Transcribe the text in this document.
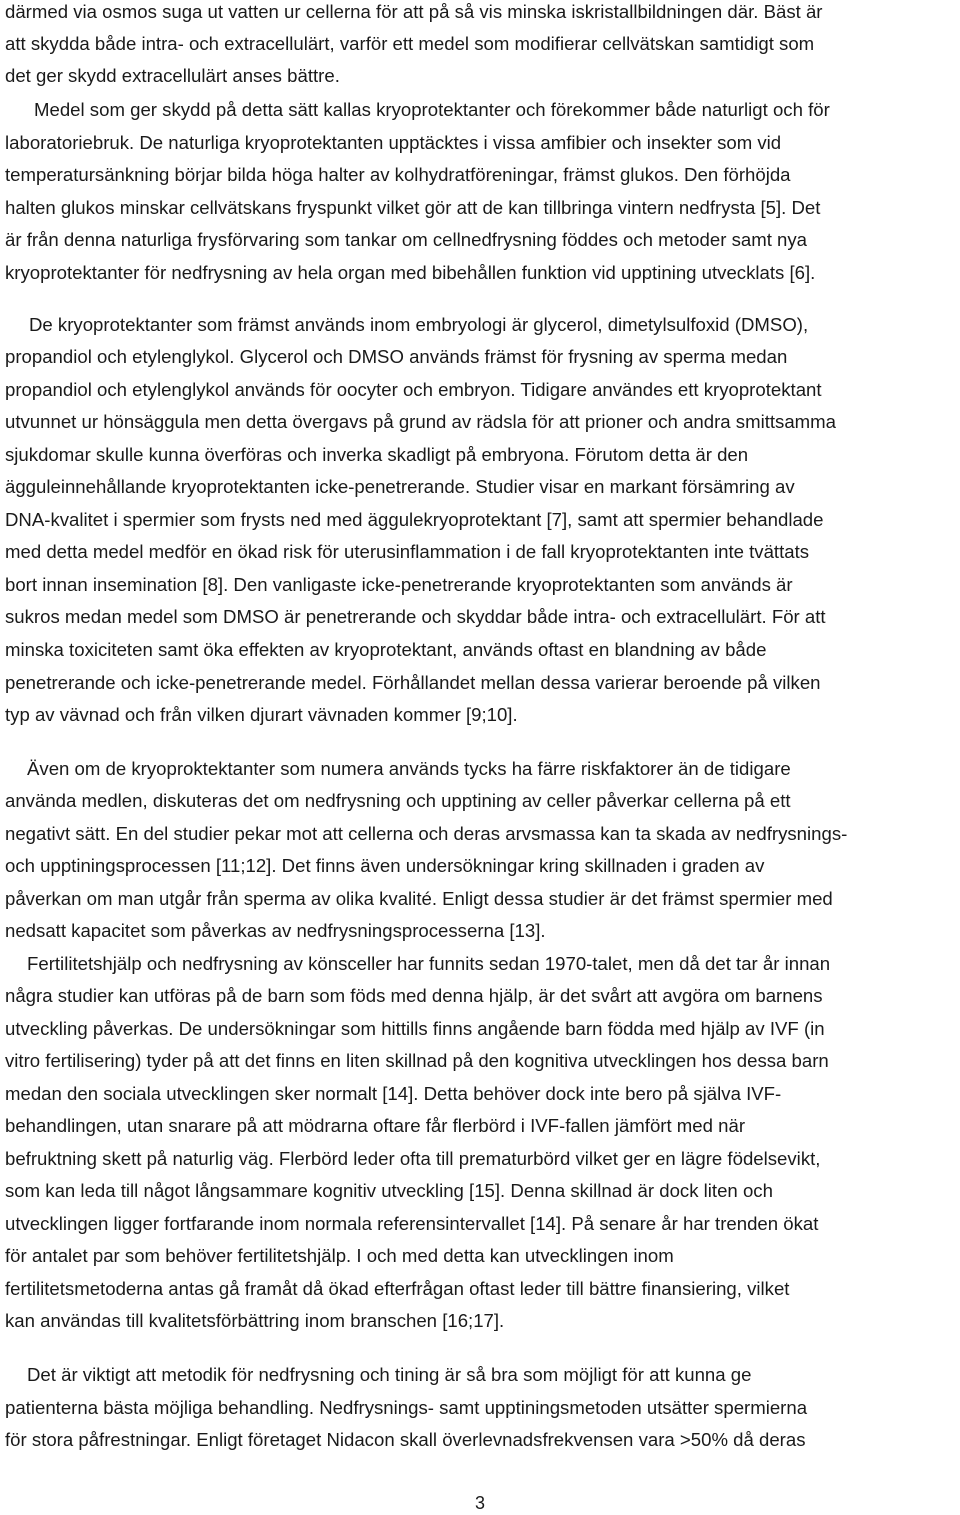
därmed via osmos suga ut vatten ur cellerna för att på så vis minska iskristallbildningen där. Bäst är
att skydda både intra- och extracellulärt, varför ett medel som modifierar cellvätskan samtidigt som
det ger skydd extracellulärt anses bättre.
Medel som ger skydd på detta sätt kallas kryoprotektanter och förekommer både naturligt och för
laboratoriebruk. De naturliga kryoprotektanten upptäcktes i vissa amfibier och insekter som vid
temperatursänkning börjar bilda höga halter av kolhydratföreningar, främst glukos. Den förhöjda
halten glukos minskar cellvätskans fryspunkt vilket gör att de kan tillbringa vintern nedfrysta [5]. Det
är från denna naturliga frysförvaring som tankar om cellnedfrysning föddes och metoder samt nya
kryoprotektanter för nedfrysning av hela organ med bibehållen funktion vid upptining utvecklats [6].
De kryoprotektanter som främst används inom embryologi är glycerol, dimetylsulfoxid (DMSO),
propandiol och etylenglykol. Glycerol och DMSO används främst för frysning av sperma medan
propandiol och etylenglykol används för oocyter och embryon. Tidigare användes ett kryoprotektant
utvunnet ur hönsäggula men detta övergavs på grund av rädsla för att prioner och andra smittsamma
sjukdomar skulle kunna överföras och inverka skadligt på embryona. Förutom detta är den
ägguleinnehållande kryoprotektanten icke-penetrerande. Studier visar en markant försämring av
DNA-kvalitet i spermier som frysts ned med äggulekryoprotektant [7], samt att spermier behandlade
med detta medel medför en ökad risk för uterusinflammation i de fall kryoprotektanten inte tvättats
bort innan insemination [8]. Den vanligaste icke-penetrerande kryoprotektanten som används är
sukros medan medel som DMSO är penetrerande och skyddar både intra- och extracellulärt. För att
minska toxiciteten samt öka effekten av kryoprotektant, används oftast en blandning av både
penetrerande och icke-penetrerande medel. Förhållandet mellan dessa varierar beroende på vilken
typ av vävnad och från vilken djurart vävnaden kommer [9;10].
Även om de kryoproktektanter som numera används tycks ha färre riskfaktorer än de tidigare
använda medlen, diskuteras det om nedfrysning och upptining av celler påverkar cellerna på ett
negativt sätt. En del studier pekar mot att cellerna och deras arvsmassa kan ta skada av nedfrysnings-
och upptiningsprocessen [11;12]. Det finns även undersökningar kring skillnaden i graden av
påverkan om man utgår från sperma av olika kvalité. Enligt dessa studier är det främst spermier med
nedsatt kapacitet som påverkas av nedfrysningsprocesserna [13].
Fertilitetshjälp och nedfrysning av könsceller har funnits sedan 1970-talet, men då det tar år innan
några studier kan utföras på de barn som föds med denna hjälp, är det svårt att avgöra om barnens
utveckling påverkas. De undersökningar som hittills finns angående barn födda med hjälp av IVF (in
vitro fertilisering) tyder på att det finns en liten skillnad på den kognitiva utvecklingen hos dessa barn
medan den sociala utvecklingen sker normalt [14]. Detta behöver dock inte bero på själva IVF-
behandlingen, utan snarare på att mödrarna oftare får flerbörd i IVF-fallen jämfört med när
befruktning skett på naturlig väg. Flerbörd leder ofta till prematurbörd vilket ger en lägre födelsevikt,
som kan leda till något långsammare kognitiv utveckling [15]. Denna skillnad är dock liten och
utvecklingen ligger fortfarande inom normala referensintervallet [14]. På senare år har trenden ökat
för antalet par som behöver fertilitetshjälp. I och med detta kan utvecklingen inom
fertilitetsmetoderna antas gå framåt då ökad efterfrågan oftast leder till bättre finansiering, vilket
kan användas till kvalitetsförbättring inom branschen [16;17].
Det är viktigt att metodik för nedfrysning och tining är så bra som möjligt för att kunna ge
patienterna bästa möjliga behandling. Nedfrysnings- samt upptiningsmetoden utsätter spermierna
för stora påfrestningar. Enligt företaget Nidacon skall överlevnadsfrekvensen vara >50% då deras
3
